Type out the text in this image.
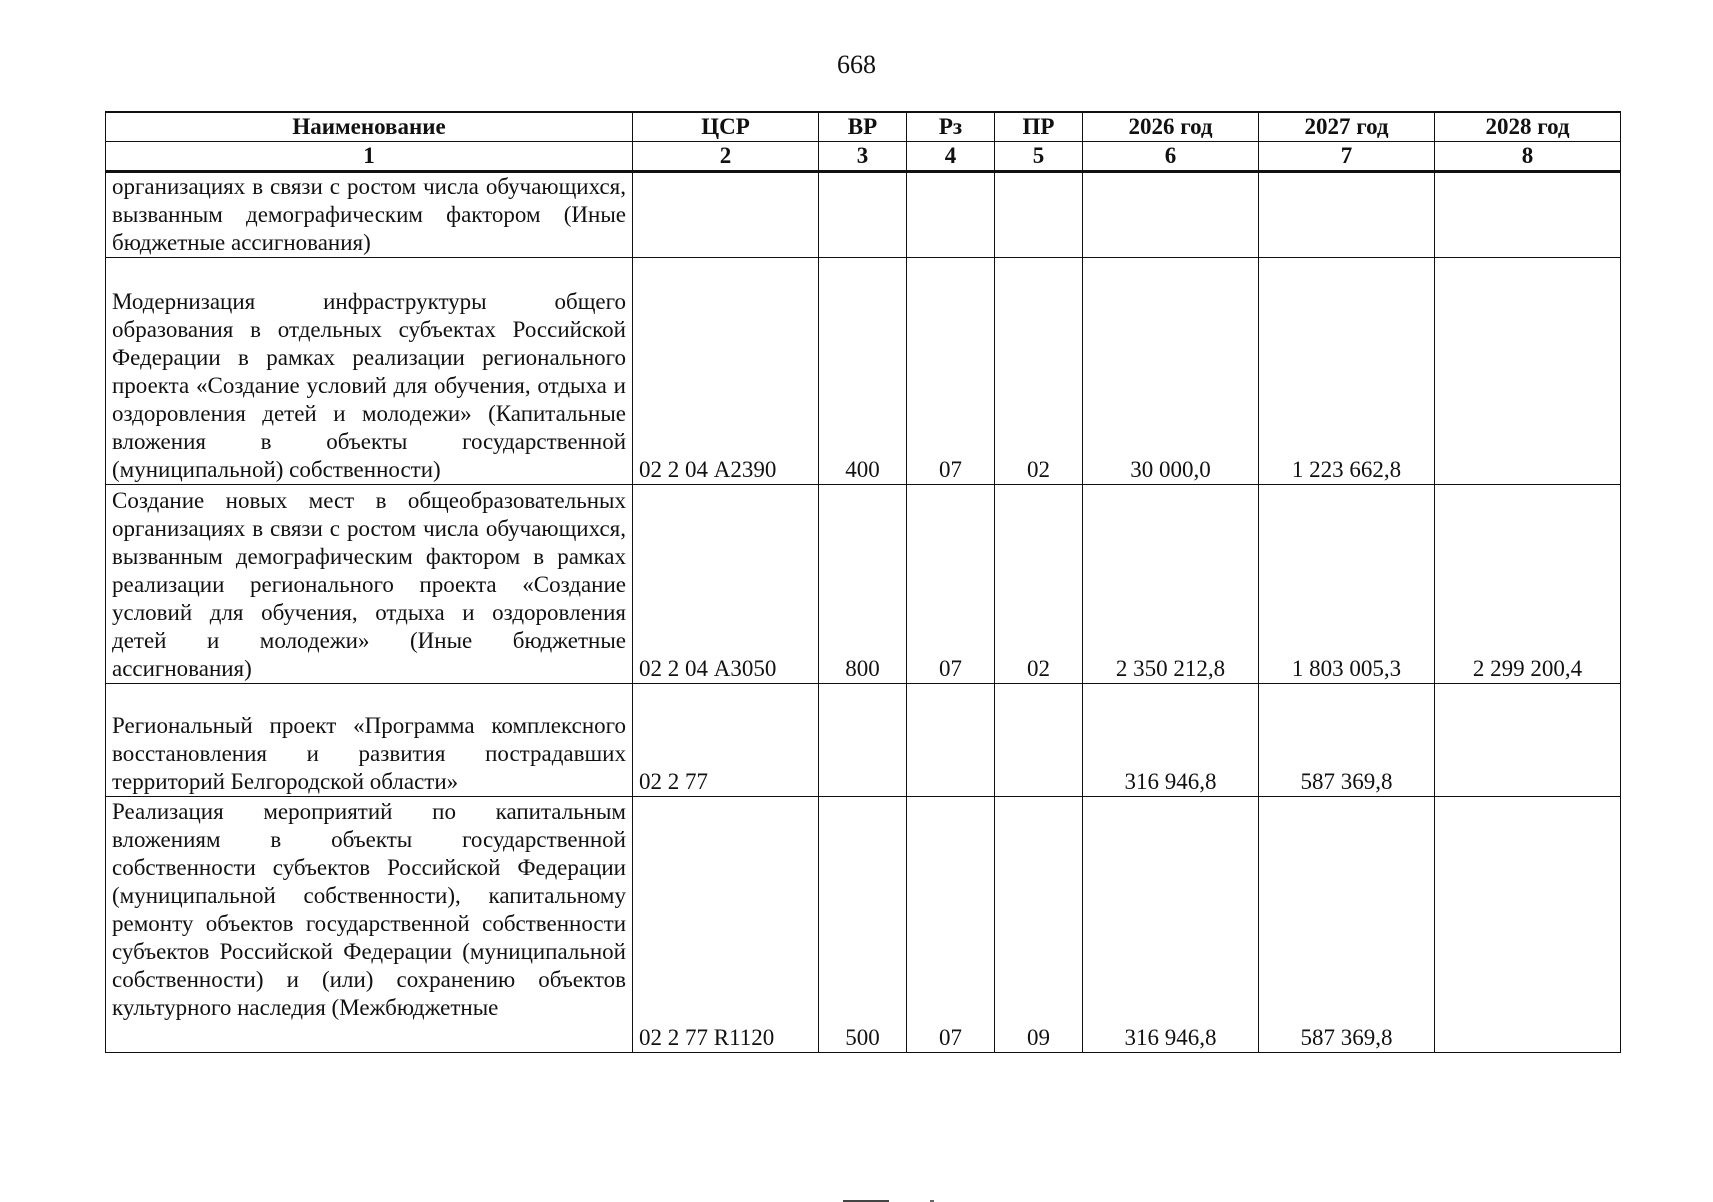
668
Наименование	ЦСР	ВР	Рз	ПР	2026 год	2027 год	2028 год
1	2	3	4	5	6	7	8
организациях в связи с ростом числа обучающихся, вызванным демографическим фактором (Иные бюджетные ассигнования)							
Модернизация инфраструктуры общего образования в отдельных субъектах Российской Федерации в рамках реализации регионального проекта «Создание условий для обучения, отдыха и оздоровления детей и молодежи» (Капитальные вложения в объекты государственной (муниципальной) собственности)	02 2 04 А2390	400	07	02	30 000,0	1 223 662,8	
Создание новых мест в общеобразовательных организациях в связи с ростом числа обучающихся, вызванным демографическим фактором в рамках реализации регионального проекта «Создание условий для обучения, отдыха и оздоровления детей и молодежи» (Иные бюджетные ассигнования)	02 2 04 А3050	800	07	02	2 350 212,8	1 803 005,3	2 299 200,4
Региональный проект «Программа комплексного восстановления и развития пострадавших территорий Белгородской области»	02 2 77				316 946,8	587 369,8	
Реализация мероприятий по капитальным вложениям в объекты государственной собственности субъектов Российской Федерации (муниципальной собственности), капитальному ремонту объектов государственной собственности субъектов Российской Федерации (муниципальной собственности) и (или) сохранению объектов культурного наследия (Межбюджетные	02 2 77 R1120	500	07	09	316 946,8	587 369,8	
